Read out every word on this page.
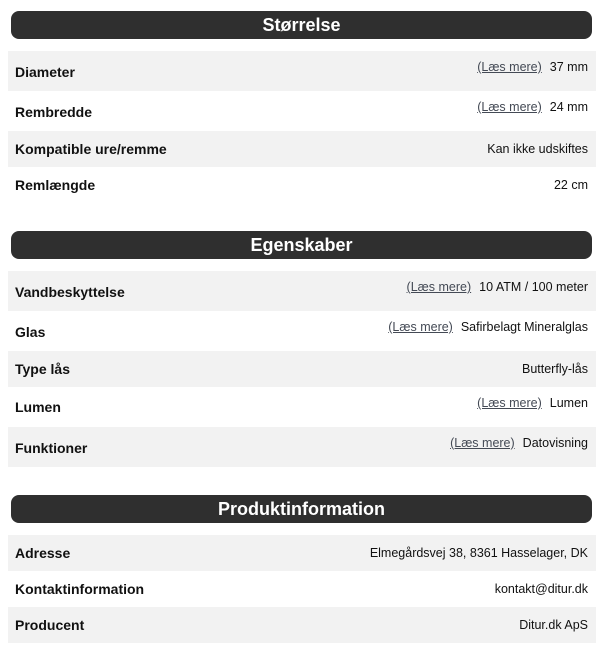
Størrelse
Diameter	(Læs mere) 37 mm
Rembredde	(Læs mere) 24 mm
Kompatible ure/remme	Kan ikke udskiftes
Remlængde	22 cm
Egenskaber
Vandbeskyttelse	(Læs mere) 10 ATM / 100 meter
Glas	(Læs mere) Safirbelagt Mineralglas
Type lås	Butterfly-lås
Lumen	(Læs mere) Lumen
Funktioner	(Læs mere) Datovisning
Produktinformation
Adresse	Elmegårdsvej 38, 8361 Hasselager, DK
Kontaktinformation	kontakt@ditur.dk
Producent	Ditur.dk ApS
